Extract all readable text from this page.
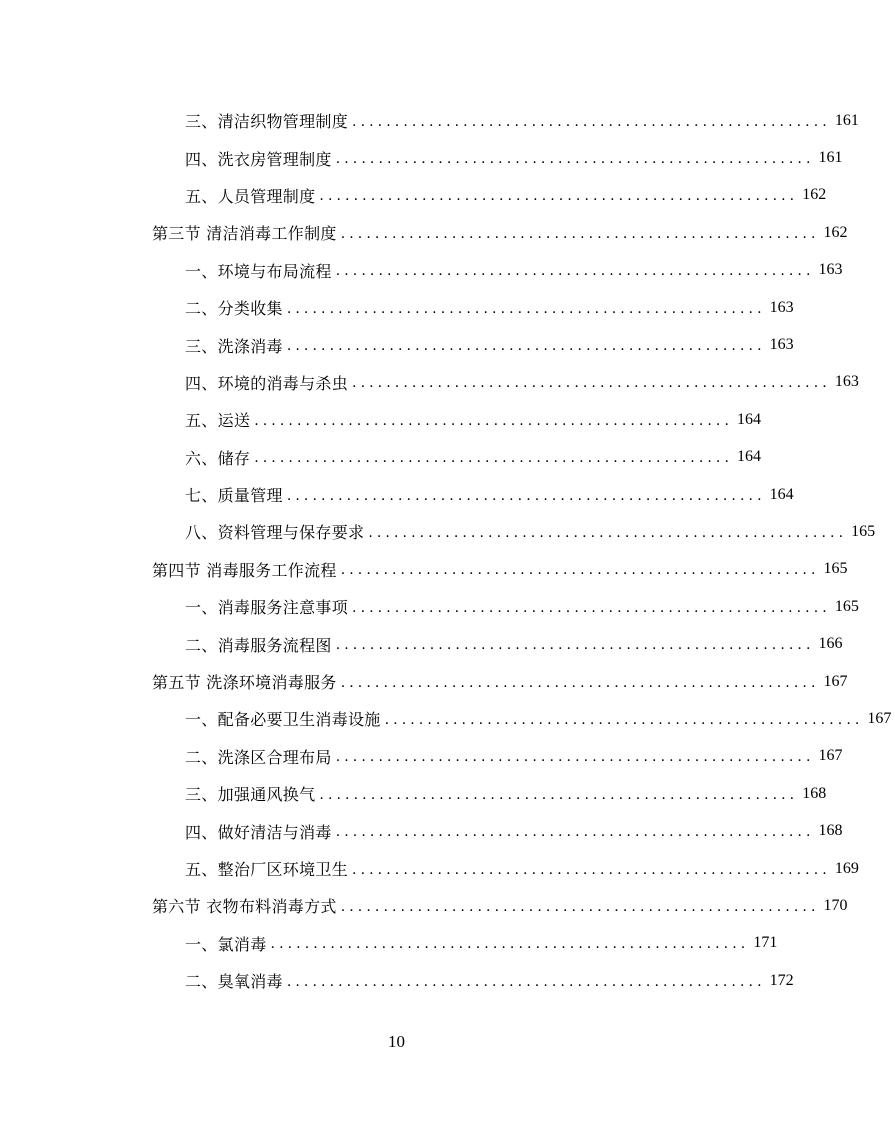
三、清洁织物管理制度 ........................................................ 161
四、洗衣房管理制度 ........................................................ 161
五、人员管理制度 ........................................................ 162
第三节 清洁消毒工作制度 ........................................................ 162
一、环境与布局流程 ........................................................ 163
二、分类收集 ........................................................ 163
三、洗涤消毒 ........................................................ 163
四、环境的消毒与杀虫 ........................................................ 163
五、运送 ........................................................ 164
六、储存 ........................................................ 164
七、质量管理 ........................................................ 164
八、资料管理与保存要求 ........................................................ 165
第四节 消毒服务工作流程 ........................................................ 165
一、消毒服务注意事项 ........................................................ 165
二、消毒服务流程图 ........................................................ 166
第五节 洗涤环境消毒服务 ........................................................ 167
一、配备必要卫生消毒设施 ........................................................ 167
二、洗涤区合理布局 ........................................................ 167
三、加强通风换气 ........................................................ 168
四、做好清洁与消毒 ........................................................ 168
五、整治厂区环境卫生 ........................................................ 169
第六节 衣物布料消毒方式 ........................................................ 170
一、氯消毒 ........................................................ 171
二、臭氧消毒 ........................................................ 172
10
